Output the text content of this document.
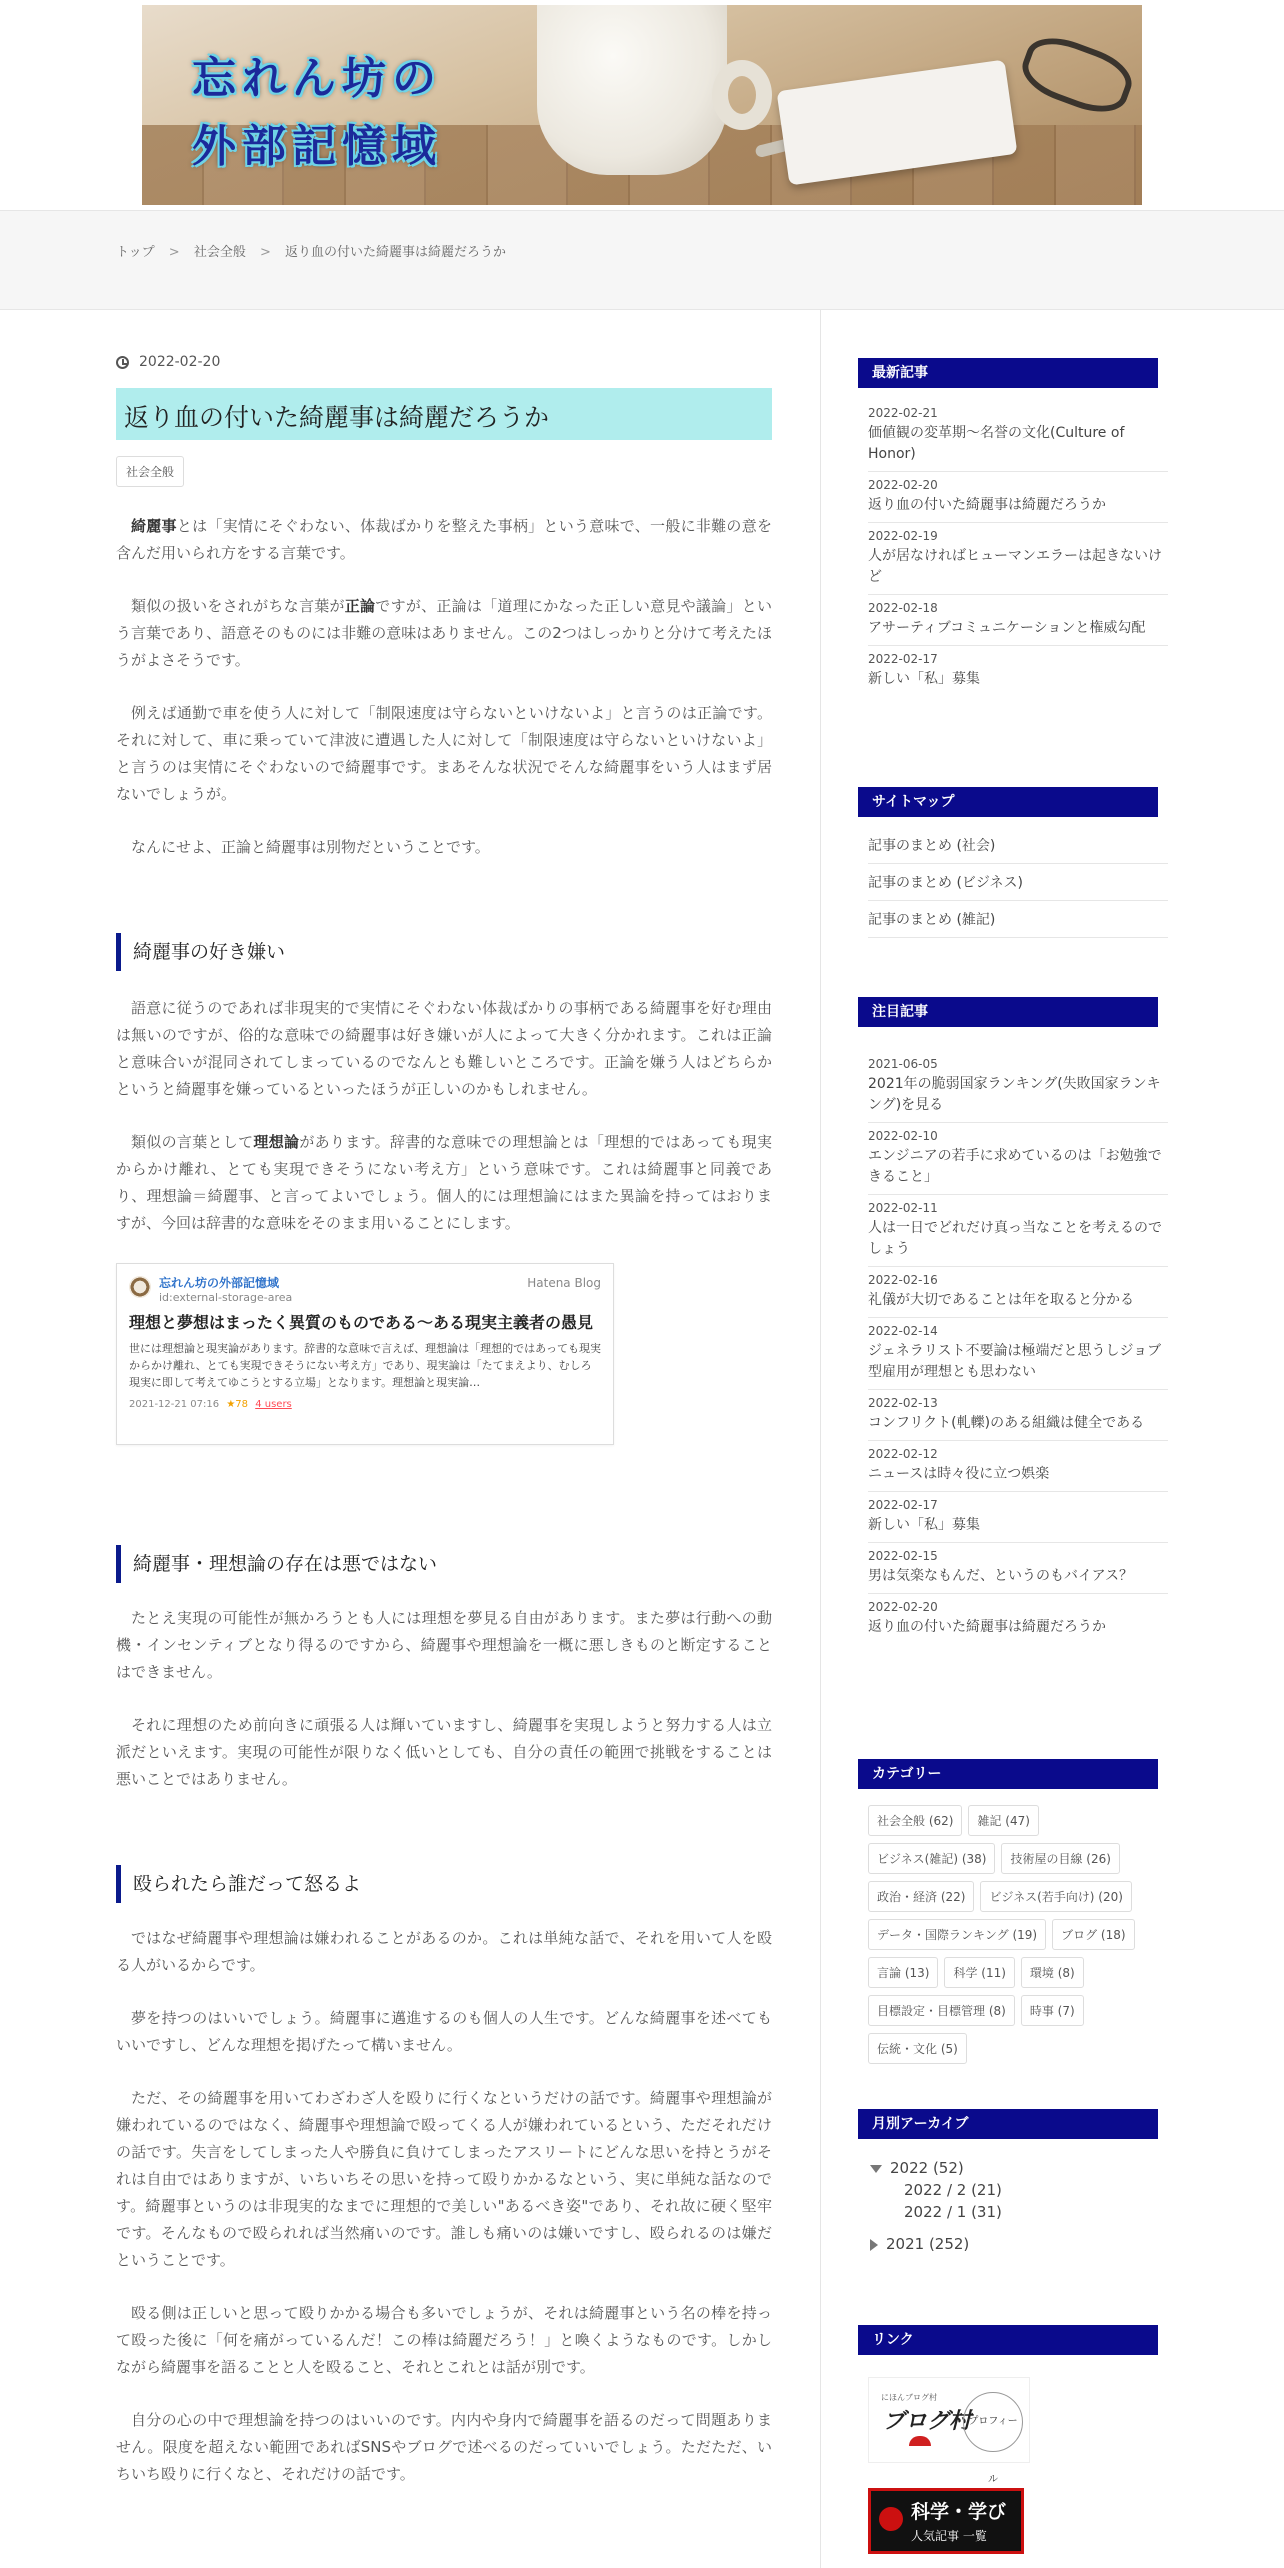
忘れん坊の
外部記憶域
トップ > 社会全般 > 返り血の付いた綺麗事は綺麗だろうか
2022-02-20
返り血の付いた綺麗事は綺麗だろうか
社会全般

綺麗事とは「実情にそぐわない、体裁ばかりを整えた事柄」という意味で、一般に非難の意を含んだ用いられ方をする言葉です。

類似の扱いをされがちな言葉が正論ですが、正論は「道理にかなった正しい意見や議論」という言葉であり、語意そのものには非難の意味はありません。この2つはしっかりと分けて考えたほうがよさそうです。

例えば通勤で車を使う人に対して「制限速度は守らないといけないよ」と言うのは正論です。それに対して、車に乗っていて津波に遭遇した人に対して「制限速度は守らないといけないよ」と言うのは実情にそぐわないので綺麗事です。まあそんな状況でそんな綺麗事をいう人はまず居ないでしょうが。

なんにせよ、正論と綺麗事は別物だということです。

綺麗事の好き嫌い

語意に従うのであれば非現実的で実情にそぐわない体裁ばかりの事柄である綺麗事を好む理由は無いのですが、俗的な意味での綺麗事は好き嫌いが人によって大きく分かれます。これは正論と意味合いが混同されてしまっているのでなんとも難しいところです。正論を嫌う人はどちらかというと綺麗事を嫌っているといったほうが正しいのかもしれません。

類似の言葉として理想論があります。辞書的な意味での理想論とは「理想的ではあっても現実からかけ離れ、とても実現できそうにない考え方」という意味です。これは綺麗事と同義であり、理想論＝綺麗事、と言ってよいでしょう。個人的には理想論にはまた異論を持ってはおりますが、今回は辞書的な意味をそのまま用いることにします。

忘れん坊の外部記憶域
id:external-storage-area
Hatena Blog
理想と夢想はまったく異質のものである～ある現実主義者の愚見
世には理想論と現実論があります。辞書的な意味で言えば、理想論は「理想的ではあっても現実からかけ離れ、とても実現できそうにない考え方」であり、現実論は「たてまえより、むしろ現実に即して考えてゆこうとする立場」となります。理想論と現実論…
2021-12-21 07:16 ★78 4 users
綺麗事・理想論の存在は悪ではない

たとえ実現の可能性が無かろうとも人には理想を夢見る自由があります。また夢は行動への動機・インセンティブとなり得るのですから、綺麗事や理想論を一概に悪しきものと断定することはできません。

それに理想のため前向きに頑張る人は輝いていますし、綺麗事を実現しようと努力する人は立派だといえます。実現の可能性が限りなく低いとしても、自分の責任の範囲で挑戦をすることは悪いことではありません。

殴られたら誰だって怒るよ

ではなぜ綺麗事や理想論は嫌われることがあるのか。これは単純な話で、それを用いて人を殴る人がいるからです。

夢を持つのはいいでしょう。綺麗事に邁進するのも個人の人生です。どんな綺麗事を述べてもいいですし、どんな理想を掲げたって構いません。

ただ、その綺麗事を用いてわざわざ人を殴りに行くなというだけの話です。綺麗事や理想論が嫌われているのではなく、綺麗事や理想論で殴ってくる人が嫌われているという、ただそれだけの話です。失言をしてしまった人や勝負に負けてしまったアスリートにどんな思いを持とうがそれは自由ではありますが、いちいちその思いを持って殴りかかるなという、実に単純な話なのです。綺麗事というのは非現実的なまでに理想的で美しい"あるべき姿"であり、それ故に硬く堅牢です。そんなもので殴られれば当然痛いのです。誰しも痛いのは嫌いですし、殴られるのは嫌だということです。

殴る側は正しいと思って殴りかかる場合も多いでしょうが、それは綺麗事という名の棒を持って殴った後に「何を痛がっているんだ！この棒は綺麗だろう！」と喚くようなものです。しかしながら綺麗事を語ることと人を殴ること、それとこれとは話が別です。

自分の心の中で理想論を持つのはいいのです。内内や身内で綺麗事を語るのだって問題ありません。限度を超えない範囲であればSNSやブログで述べるのだっていいでしょう。ただただ、いちいち殴りに行くなと、それだけの話です。

最新記事
2022-02-21
価値観の変革期～名誉の文化(Culture of Honor)
2022-02-20
返り血の付いた綺麗事は綺麗だろうか
2022-02-19
人が居なければヒューマンエラーは起きないけど
2022-02-18
アサーティブコミュニケーションと権威勾配
2022-02-17
新しい「私」募集
サイトマップ
記事のまとめ (社会)
記事のまとめ (ビジネス)
記事のまとめ (雑記)
注目記事
2021-06-05
2021年の脆弱国家ランキング(失敗国家ランキング)を見る
2022-02-10
エンジニアの若手に求めているのは「お勉強できること」
2022-02-11
人は一日でどれだけ真っ当なことを考えるのでしょう
2022-02-16
礼儀が大切であることは年を取ると分かる
2022-02-14
ジェネラリスト不要論は極端だと思うしジョブ型雇用が理想とも思わない
2022-02-13
コンフリクト(軋轢)のある組織は健全である
2022-02-12
ニュースは時々役に立つ娯楽
2022-02-17
新しい「私」募集
2022-02-15
男は気楽なもんだ、というのもバイアス？
2022-02-20
返り血の付いた綺麗事は綺麗だろうか
カテゴリー
社会全般 (62)	雑記 (47)
ビジネス(雑記) (38)	技術屋の目線 (26)
政治・経済 (22)	ビジネス(若手向け) (20)
データ・国際ランキング (19)	ブログ (18)
言論 (13)	科学 (11)	環境 (8)
目標設定・目標管理 (8)	時事 (7)
伝統・文化 (5)
月別アーカイブ
2022 (52)
2022 / 2 (21)
2022 / 1 (31)
2021 (252)
リンク
にほんブログ村
ブログ村
プロフィール
科学・学び
人気記事 一覧
